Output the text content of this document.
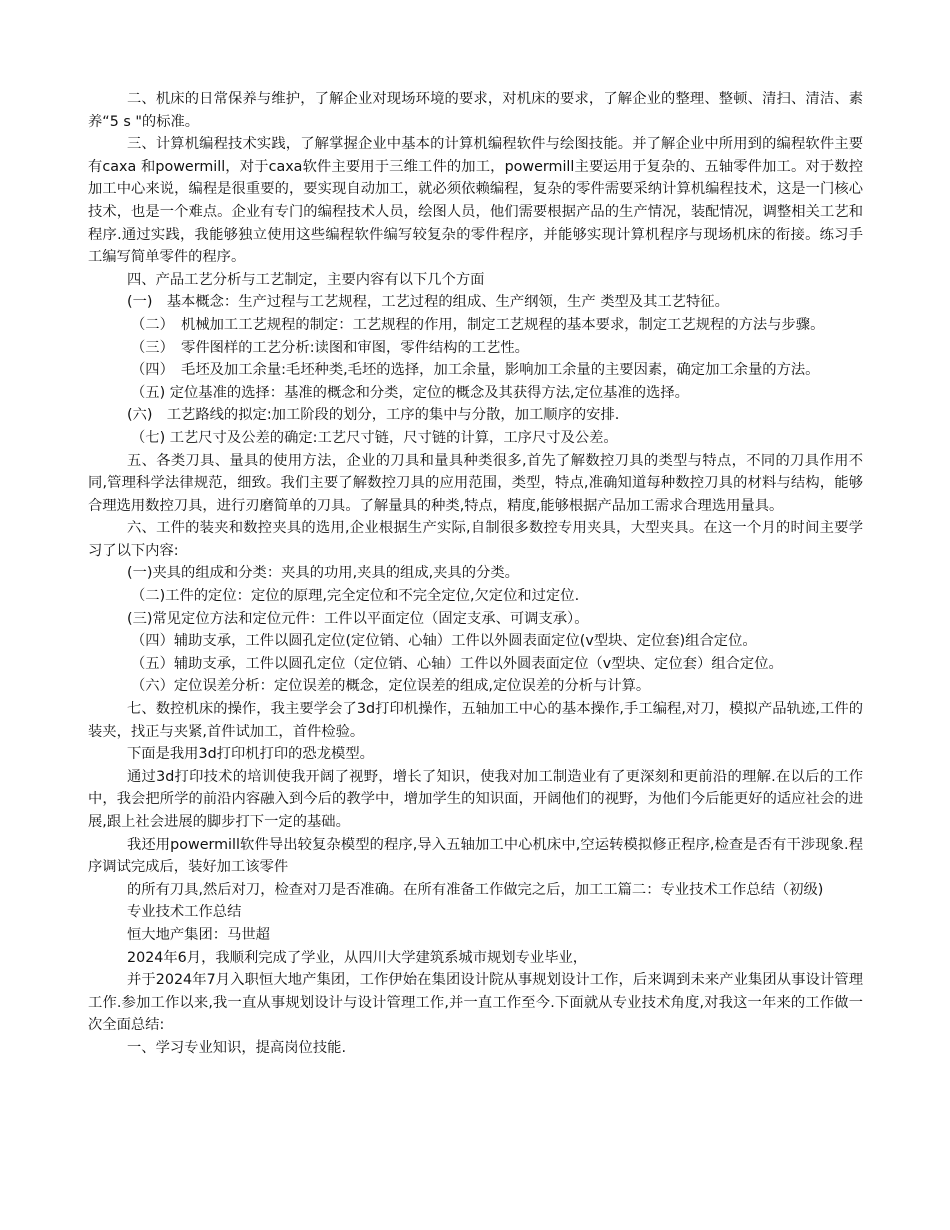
二、机床的日常保养与维护，了解企业对现场环境的要求，对机床的要求，了解企业的整理、整顿、清扫、清洁、素养“5 s "的标准。

三、计算机编程技术实践，了解掌握企业中基本的计算机编程软件与绘图技能。并了解企业中所用到的编程软件主要有caxa 和powermill，对于caxa软件主要用于三维工件的加工，powermill主要运用于复杂的、五轴零件加工。对于数控加工中心来说，编程是很重要的，要实现自动加工，就必须依赖编程，复杂的零件需要采纳计算机编程技术，这是一门核心技术，也是一个难点。企业有专门的编程技术人员，绘图人员，他们需要根据产品的生产情况，装配情况，调整相关工艺和程序.通过实践，我能够独立使用这些编程软件编写较复杂的零件程序，并能够实现计算机程序与现场机床的衔接。练习手工编写简单零件的程序。

四、产品工艺分析与工艺制定，主要内容有以下几个方面

(一)　基本概念：生产过程与工艺规程，工艺过程的组成、生产纲领，生产 类型及其工艺特征。

（二）　机械加工工艺规程的制定：工艺规程的作用，制定工艺规程的基本要求，制定工艺规程的方法与步骤。

（三）　零件图样的工艺分析:读图和审图，零件结构的工艺性。

（四）　毛坯及加工余量:毛坯种类,毛坯的选择，加工余量，影响加工余量的主要因素，确定加工余量的方法。

（五) 定位基准的选择：基准的概念和分类，定位的概念及其获得方法,定位基准的选择。

(六)　工艺路线的拟定:加工阶段的划分，工序的集中与分散，加工顺序的安排.

（七) 工艺尺寸及公差的确定:工艺尺寸链，尺寸链的计算，工序尺寸及公差。

五、各类刀具、量具的使用方法，企业的刀具和量具种类很多,首先了解数控刀具的类型与特点，不同的刀具作用不同,管理科学法律规范，细致。我们主要了解数控刀具的应用范围，类型，特点,准确知道每种数控刀具的材料与结构，能够合理选用数控刀具，进行刃磨简单的刀具。了解量具的种类,特点，精度,能够根据产品加工需求合理选用量具。

六、工件的装夹和数控夹具的选用,企业根据生产实际,自制很多数控专用夹具，大型夹具。在这一个月的时间主要学习了以下内容:

(一)夹具的组成和分类：夹具的功用,夹具的组成,夹具的分类。

（二)工件的定位：定位的原理,完全定位和不完全定位,欠定位和过定位.

(三)常见定位方法和定位元件：工件以平面定位（固定支承、可调支承）。

（四）辅助支承，工件以圆孔定位(定位销、心轴）工件以外圆表面定位(v型块、定位套)组合定位。

（五）辅助支承，工件以圆孔定位（定位销、心轴）工件以外圆表面定位（v型块、定位套）组合定位。

（六）定位误差分析：定位误差的概念，定位误差的组成,定位误差的分析与计算。

七、数控机床的操作，我主要学会了3d打印机操作，五轴加工中心的基本操作,手工编程,对刀，模拟产品轨迹,工件的装夹，找正与夹紧,首件试加工，首件检验。

下面是我用3d打印机打印的恐龙模型。

通过3d打印技术的培训使我开阔了视野，增长了知识，使我对加工制造业有了更深刻和更前沿的理解.在以后的工作中，我会把所学的前沿内容融入到今后的教学中，增加学生的知识面，开阔他们的视野，为他们今后能更好的适应社会的进展,跟上社会进展的脚步打下一定的基础。

我还用powermill软件导出较复杂模型的程序,导入五轴加工中心机床中,空运转模拟修正程序,检查是否有干涉现象.程序调试完成后，装好加工该零件

的所有刀具,然后对刀，检查对刀是否准确。在所有准备工作做完之后，加工工篇二：专业技术工作总结（初级)

专业技术工作总结

恒大地产集团：马世超

2024年6月，我顺利完成了学业，从四川大学建筑系城市规划专业毕业，

并于2024年7月入职恒大地产集团，工作伊始在集团设计院从事规划设计工作，后来调到未来产业集团从事设计管理工作.参加工作以来,我一直从事规划设计与设计管理工作,并一直工作至今.下面就从专业技术角度,对我这一年来的工作做一次全面总结:

一、学习专业知识，提高岗位技能.
